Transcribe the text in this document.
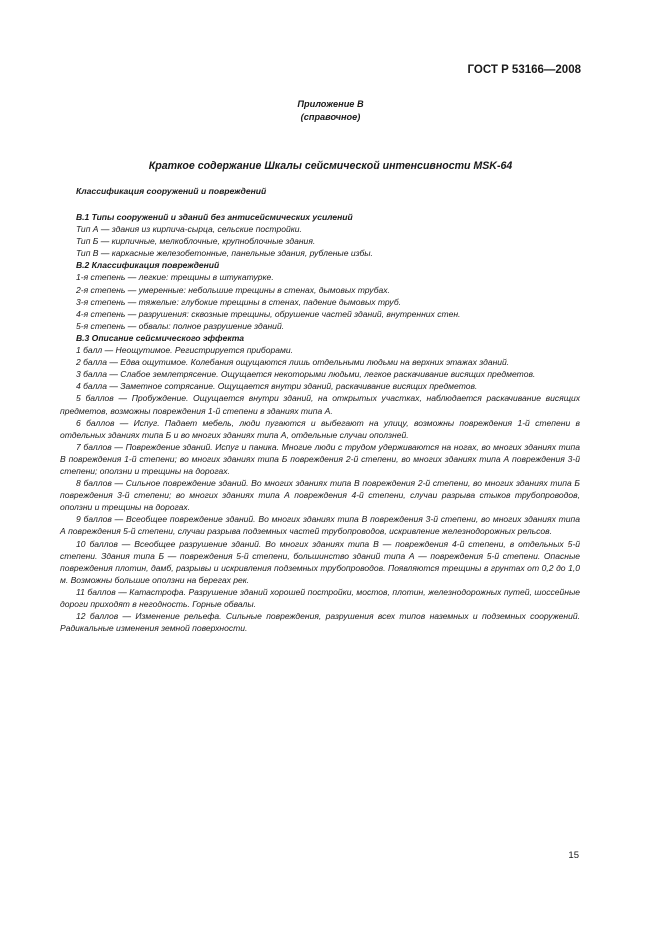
ГОСТ Р 53166—2008
Приложение В
(справочное)
Краткое содержание Шкалы сейсмической интенсивности MSK-64
Классификация сооружений и повреждений

В.1 Типы сооружений и зданий без антисейсмических усилений

Тип А — здания из кирпича-сырца, сельские постройки.

Тип Б — кирпичные, мелкоблочные, крупноблочные здания.

Тип В — каркасные железобетонные, панельные здания, рубленые избы.

В.2 Классификация повреждений

1-я степень — легкие: трещины в штукатурке.

2-я степень — умеренные: небольшие трещины в стенах, дымовых трубах.

3-я степень — тяжелые: глубокие трещины в стенах, падение дымовых труб.

4-я степень — разрушения: сквозные трещины, обрушение частей зданий, внутренних стен.

5-я степень — обвалы: полное разрушение зданий.

В.3 Описание сейсмического эффекта

1 балл — Неощутимое. Регистрируется приборами.

2 балла — Едва ощутимое. Колебания ощущаются лишь отдельными людьми на верхних этажах зданий.

3 балла — Слабое землетрясение. Ощущается некоторыми людьми, легкое раскачивание висящих предметов.

4 балла — Заметное сотрясание. Ощущается внутри зданий, раскачивание висящих предметов.

5 баллов — Пробуждение. Ощущается внутри зданий, на открытых участках, наблюдается раскачивание висящих предметов, возможны повреждения 1-й степени в зданиях типа А.

6 баллов — Испуг. Падает мебель, люди пугаются и выбегают на улицу, возможны повреждения 1-й степени в отдельных зданиях типа Б и во многих зданиях типа А, отдельные случаи оползней.

7 баллов — Повреждение зданий. Испуг и паника. Многие люди с трудом удерживаются на ногах, во многих зданиях типа В повреждения 1-й степени; во многих зданиях типа Б повреждения 2-й степени, во многих зданиях типа А повреждения 3-й степени; оползни и трещины на дорогах.

8 баллов — Сильное повреждение зданий. Во многих зданиях типа В повреждения 2-й степени, во многих зданиях типа Б повреждения 3-й степени; во многих зданиях типа А повреждения 4-й степени, случаи разрыва стыков трубопроводов, оползни и трещины на дорогах.

9 баллов — Всеобщее повреждение зданий. Во многих зданиях типа В повреждения 3-й степени, во многих зданиях типа А повреждения 5-й степени, случаи разрыва подземных частей трубопроводов, искривление железнодорожных рельсов.

10 баллов — Всеобщее разрушение зданий. Во многих зданиях типа В — повреждения 4-й степени, в отдельных 5-й степени. Здания типа Б — повреждения 5-й степени, большинство зданий типа А — повреждения 5-й степени. Опасные повреждения плотин, дамб, разрывы и искривления подземных трубопроводов. Появляются трещины в грунтах от 0,2 до 1,0 м. Возможны большие оползни на берегах рек.

11 баллов — Катастрофа. Разрушение зданий хорошей постройки, мостов, плотин, железнодорожных путей, шоссейные дороги приходят в негодность. Горные обвалы.

12 баллов — Изменение рельефа. Сильные повреждения, разрушения всех типов наземных и подземных сооружений. Радикальные изменения земной поверхности.

15
